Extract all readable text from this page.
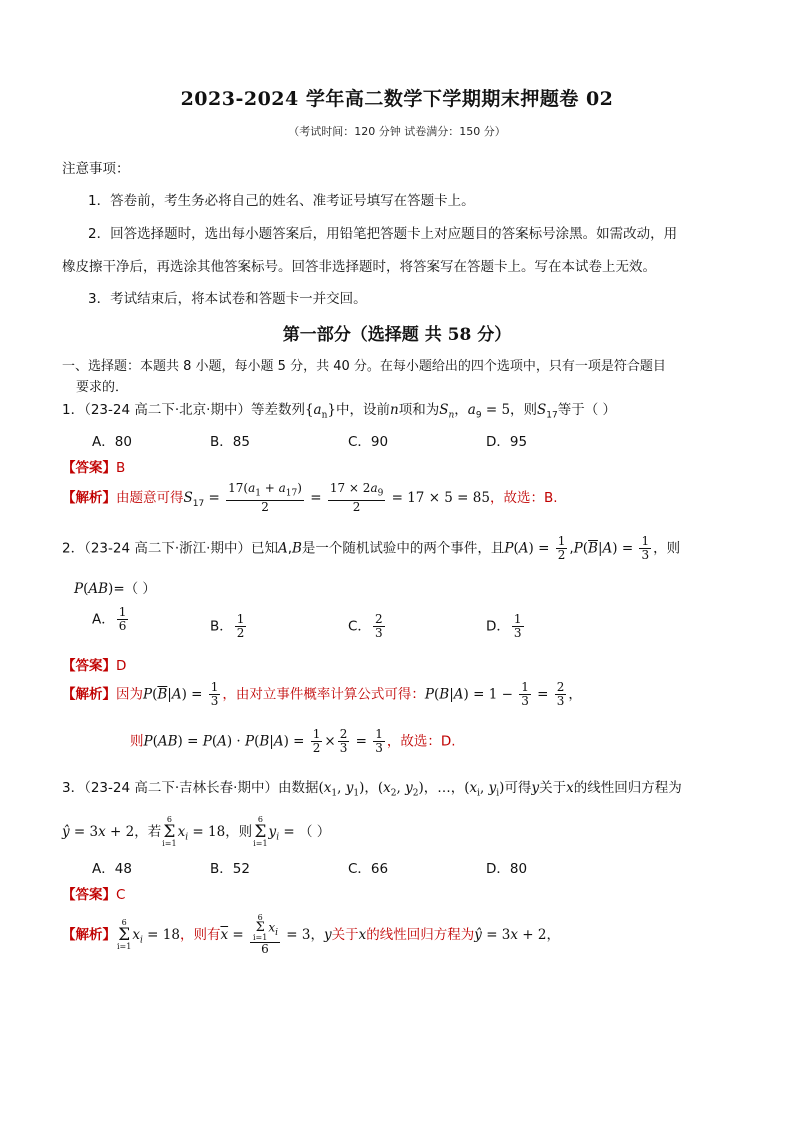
2023-2024 学年高二数学下学期期末押题卷 02
（考试时间：120 分钟 试卷满分：150 分）
注意事项：
1．答卷前，考生务必将自己的姓名、准考证号填写在答题卡上。
2．回答选择题时，选出每小题答案后，用铅笔把答题卡上对应题目的答案标号涂黑。如需改动，用
橡皮擦干净后，再选涂其他答案标号。回答非选择题时，将答案写在答题卡上。写在本试卷上无效。
3．考试结束后，将本试卷和答题卡一并交回。
第一部分（选择题 共 58 分）
一、选择题：本题共 8 小题，每小题 5 分，共 40 分。在每小题给出的四个选项中，只有一项是符合题目
要求的．
1．（23-24 高二下·北京·期中）等差数列$\{a_n\}$中，设前n项和为$S_n$，$a_9 = 5$，则$S_{17}$等于（ ）
A．80	B．85	C．90	D．95
【答案】B
【解析】由题意可得$S_{17} = \frac{17(a_1 + a_{17})}{2} = \frac{17 \times 2a_9}{2} = 17 \times 5 = 85$，故选：B.
2．（23-24 高二下·浙江·期中）已知A,B是一个随机试验中的两个事件，且$P(A) = \frac{1}{2} ,P(\overline{B}|A) = \frac{1}{3}$ ，则
P(AB)=（ ）
A． $\frac{1}{6}$	B． $\frac{1}{2}$	C． $\frac{2}{3}$	D． $\frac{1}{3}$
【答案】D
【解析】因为$P(\overline{B}|A) = \frac{1}{3}$ ，由对立事件概率计算公式可得：$P(B|A) = 1 - \frac{1}{3} = \frac{2}{3}$ ，
则$P(AB) = P(A) \cdot P(B|A) = \frac{1}{2} \times \frac{2}{3} = \frac{1}{3}$ ，故选：D.
3．（23-24 高二下·吉林长春·期中）由数据($x_1$, $y_1$)，($x_2$, $y_2$)，…，($x_i$, $y_i$)可得y关于x的线性回归方程为
ŷ = 3x + 2，若
6
Σ
i=1
$x_i = 18$，则
6
Σ
i=1
$y_i$ = （ ）
A．48	B．52	C．66	D．80
【答案】C
【解析】
6
Σ
i=1
$x_i = 18$，则有$\overline{x} = 6$
Σ
i=1
$x_i$
6 = 3，y关于x的线性回归方程为ŷ = 3x + 2，
